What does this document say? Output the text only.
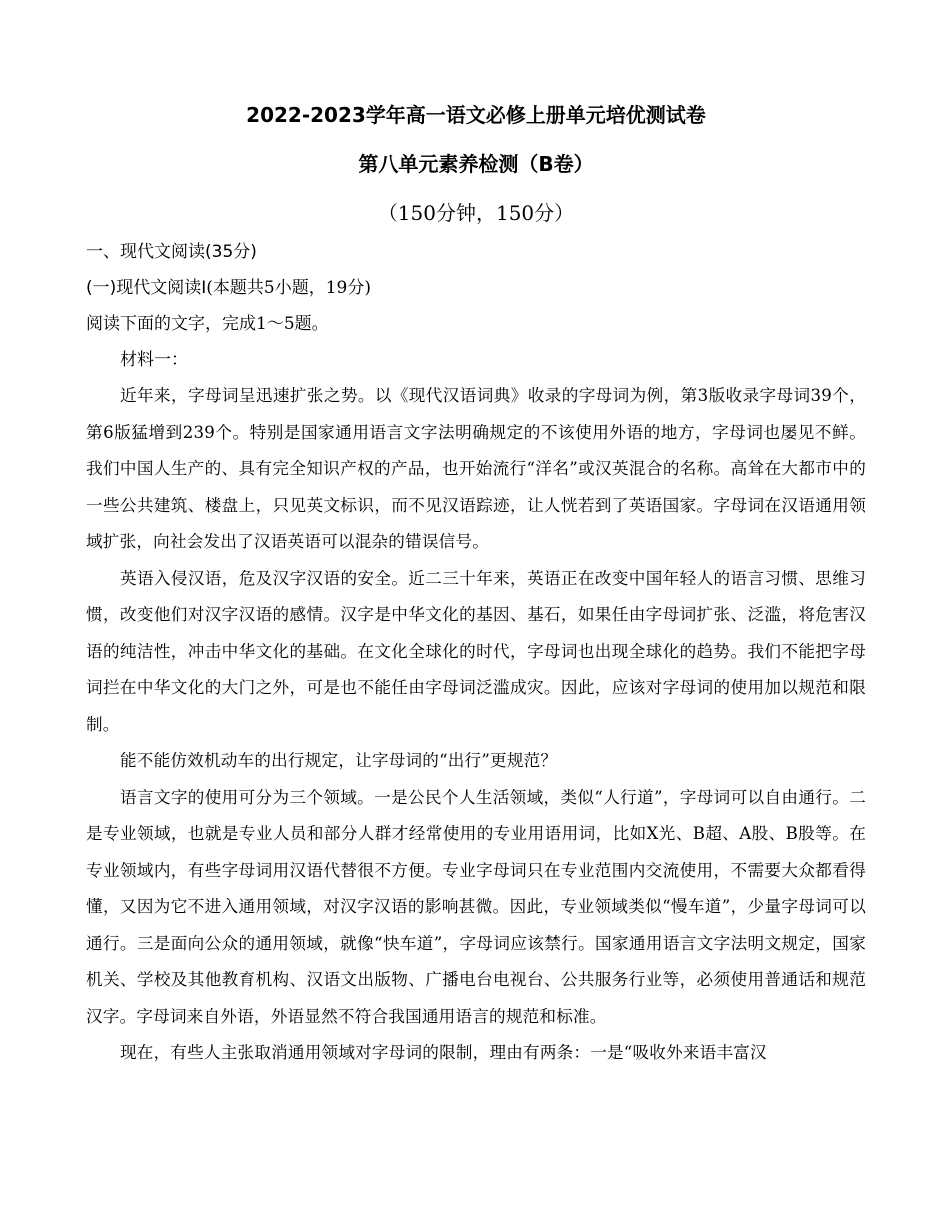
2022-2023学年高一语文必修上册单元培优测试卷

第八单元素养检测（B卷）

（150分钟，150分）

一、现代文阅读(35分)

(一)现代文阅读Ⅰ(本题共5小题，19分)

阅读下面的文字，完成1～5题。

材料一：

近年来，字母词呈迅速扩张之势。以《现代汉语词典》收录的字母词为例，第3版收录字母词39个，第6版猛增到239个。特别是国家通用语言文字法明确规定的不该使用外语的地方，字母词也屡见不鲜。我们中国人生产的、具有完全知识产权的产品，也开始流行“洋名”或汉英混合的名称。高耸在大都市中的一些公共建筑、楼盘上，只见英文标识，而不见汉语踪迹，让人恍若到了英语国家。字母词在汉语通用领域扩张，向社会发出了汉语英语可以混杂的错误信号。

英语入侵汉语，危及汉字汉语的安全。近二三十年来，英语正在改变中国年轻人的语言习惯、思维习惯，改变他们对汉字汉语的感情。汉字是中华文化的基因、基石，如果任由字母词扩张、泛滥，将危害汉语的纯洁性，冲击中华文化的基础。在文化全球化的时代，字母词也出现全球化的趋势。我们不能把字母词拦在中华文化的大门之外，可是也不能任由字母词泛滥成灾。因此，应该对字母词的使用加以规范和限制。

能不能仿效机动车的出行规定，让字母词的“出行”更规范？

语言文字的使用可分为三个领域。一是公民个人生活领域，类似“人行道”，字母词可以自由通行。二是专业领域，也就是专业人员和部分人群才经常使用的专业用语用词，比如X光、B超、A股、B股等。在专业领域内，有些字母词用汉语代替很不方便。专业字母词只在专业范围内交流使用，不需要大众都看得懂，又因为它不进入通用领域，对汉字汉语的影响甚微。因此，专业领域类似“慢车道”，少量字母词可以通行。三是面向公众的通用领域，就像“快车道”，字母词应该禁行。国家通用语言文字法明文规定，国家机关、学校及其他教育机构、汉语文出版物、广播电台电视台、公共服务行业等，必须使用普通话和规范汉字。字母词来自外语，外语显然不符合我国通用语言的规范和标准。

现在，有些人主张取消通用领域对字母词的限制，理由有两条：一是“吸收外来语丰富汉
